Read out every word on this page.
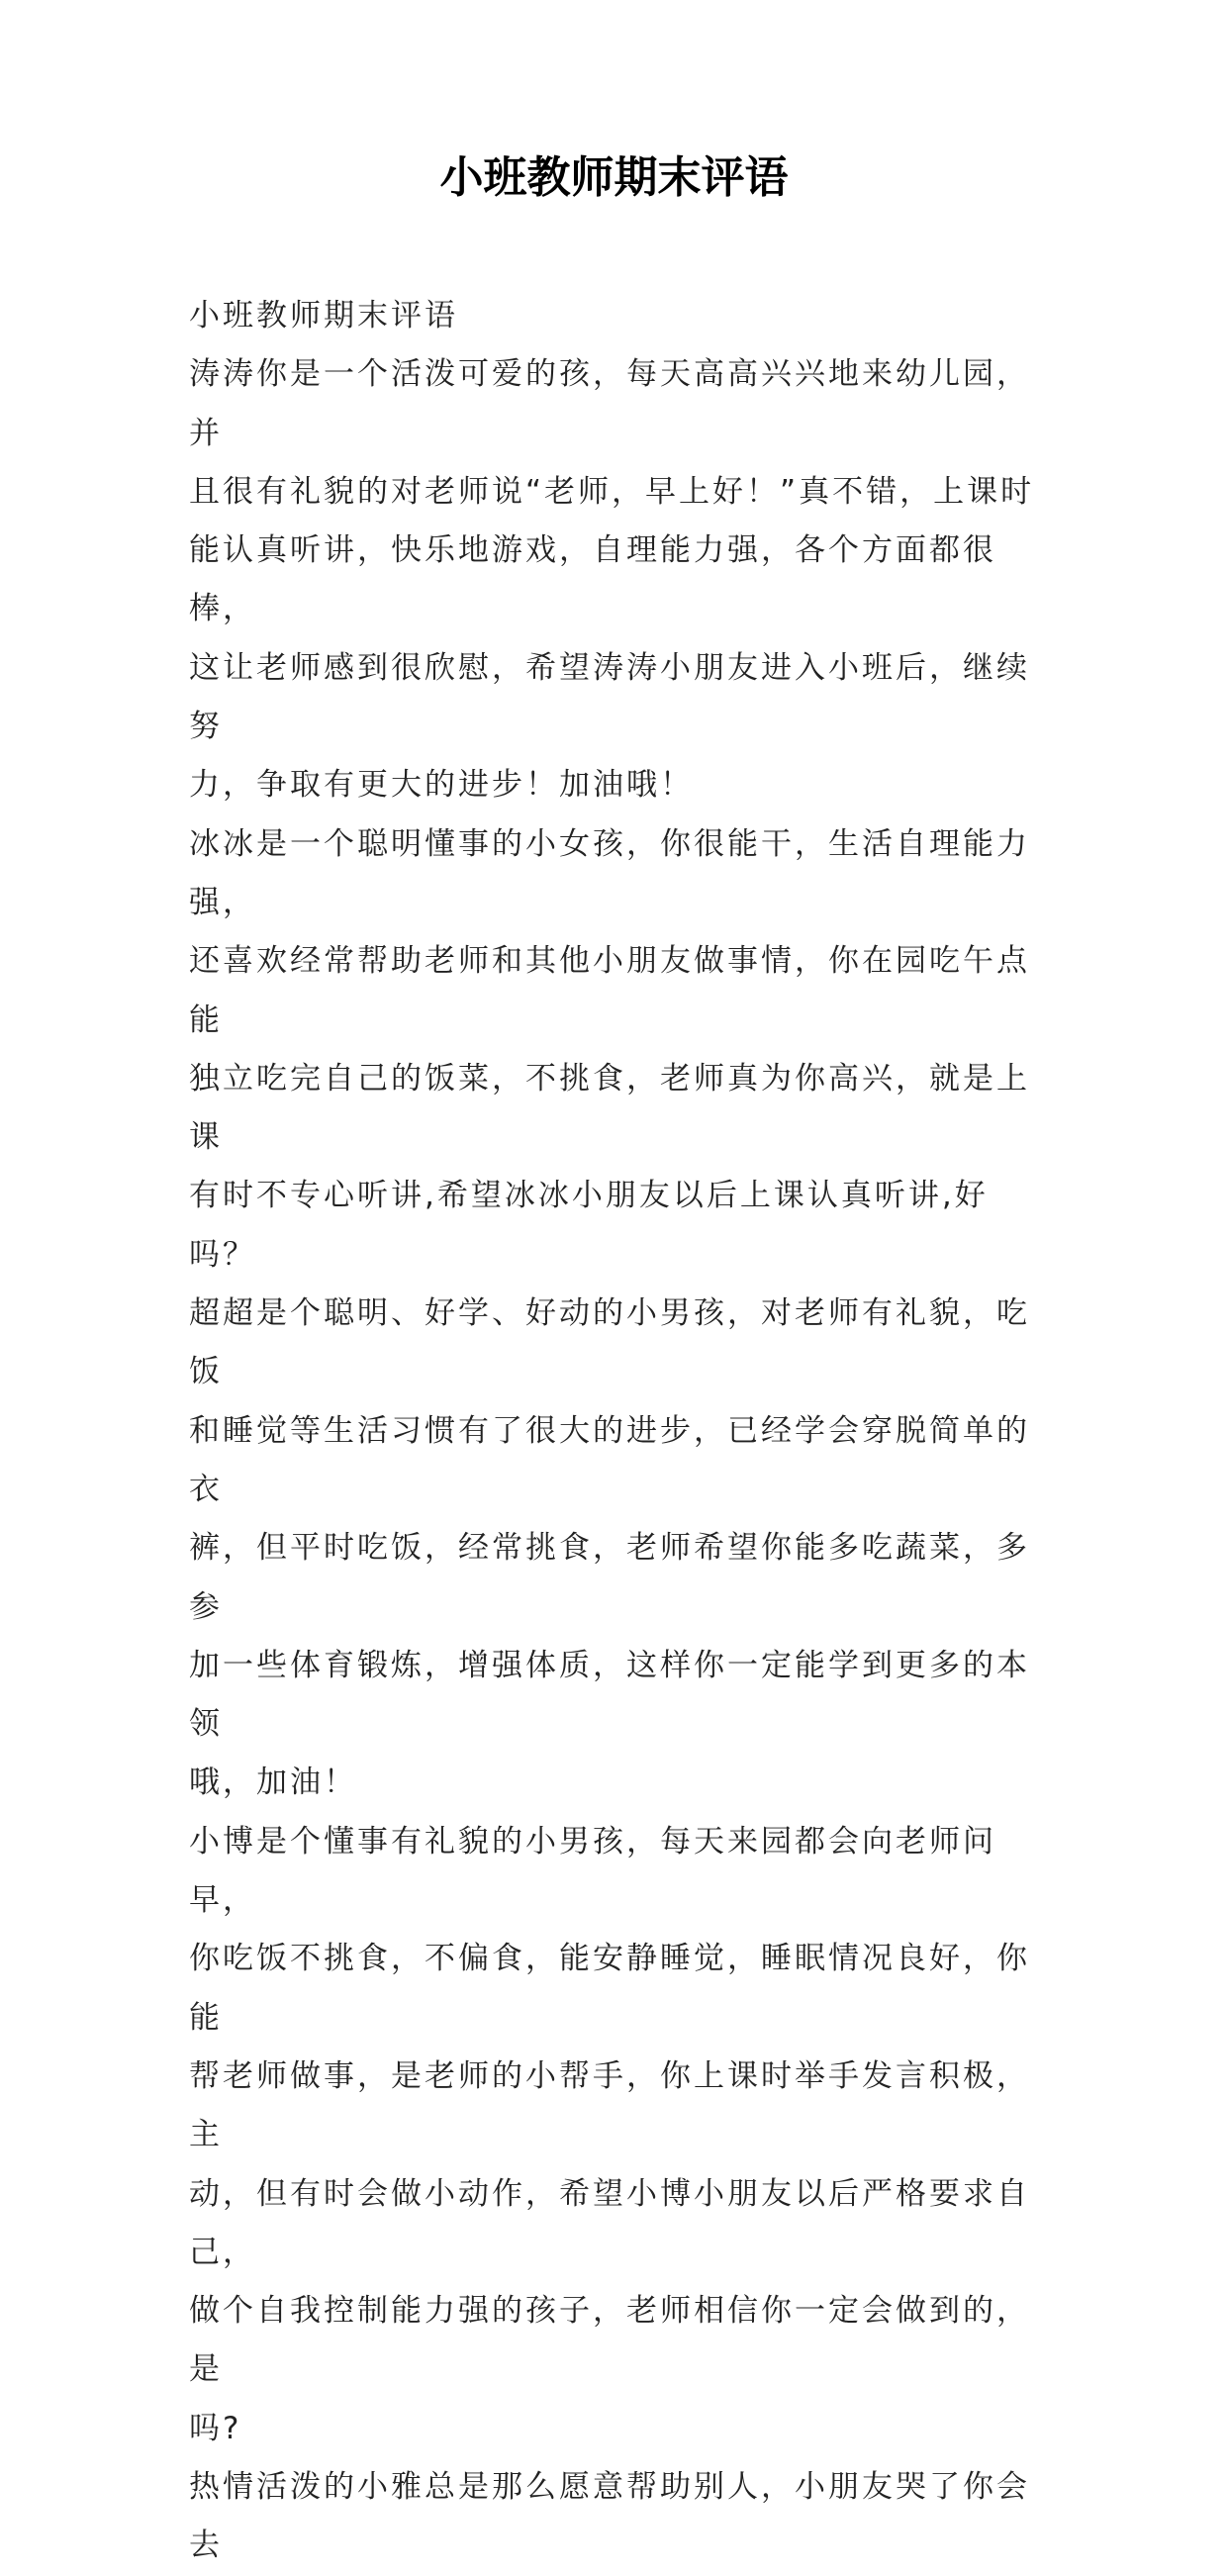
小班教师期末评语

小班教师期末评语

涛涛你是一个活泼可爱的孩，每天高高兴兴地来幼儿园，并

且很有礼貌的对老师说“老师，早上好！”真不错，上课时

能认真听讲，快乐地游戏，自理能力强，各个方面都很棒，

这让老师感到很欣慰，希望涛涛小朋友进入小班后，继续努

力，争取有更大的进步！加油哦！

冰冰是一个聪明懂事的小女孩，你很能干，生活自理能力强，

还喜欢经常帮助老师和其他小朋友做事情，你在园吃午点能

独立吃完自己的饭菜，不挑食，老师真为你高兴，就是上课

有时不专心听讲,希望冰冰小朋友以后上课认真听讲,好吗？

超超是个聪明、好学、好动的小男孩，对老师有礼貌，吃饭

和睡觉等生活习惯有了很大的进步，已经学会穿脱简单的衣

裤，但平时吃饭，经常挑食，老师希望你能多吃蔬菜，多参

加一些体育锻炼，增强体质，这样你一定能学到更多的本领

哦，加油！

小博是个懂事有礼貌的小男孩，每天来园都会向老师问早，

你吃饭不挑食，不偏食，能安静睡觉，睡眠情况良好，你能

帮老师做事，是老师的小帮手，你上课时举手发言积极，主

动，但有时会做小动作，希望小博小朋友以后严格要求自己，

做个自我控制能力强的孩子，老师相信你一定会做到的，是

吗?

热情活泼的小雅总是那么愿意帮助别人，小朋友哭了你会去
